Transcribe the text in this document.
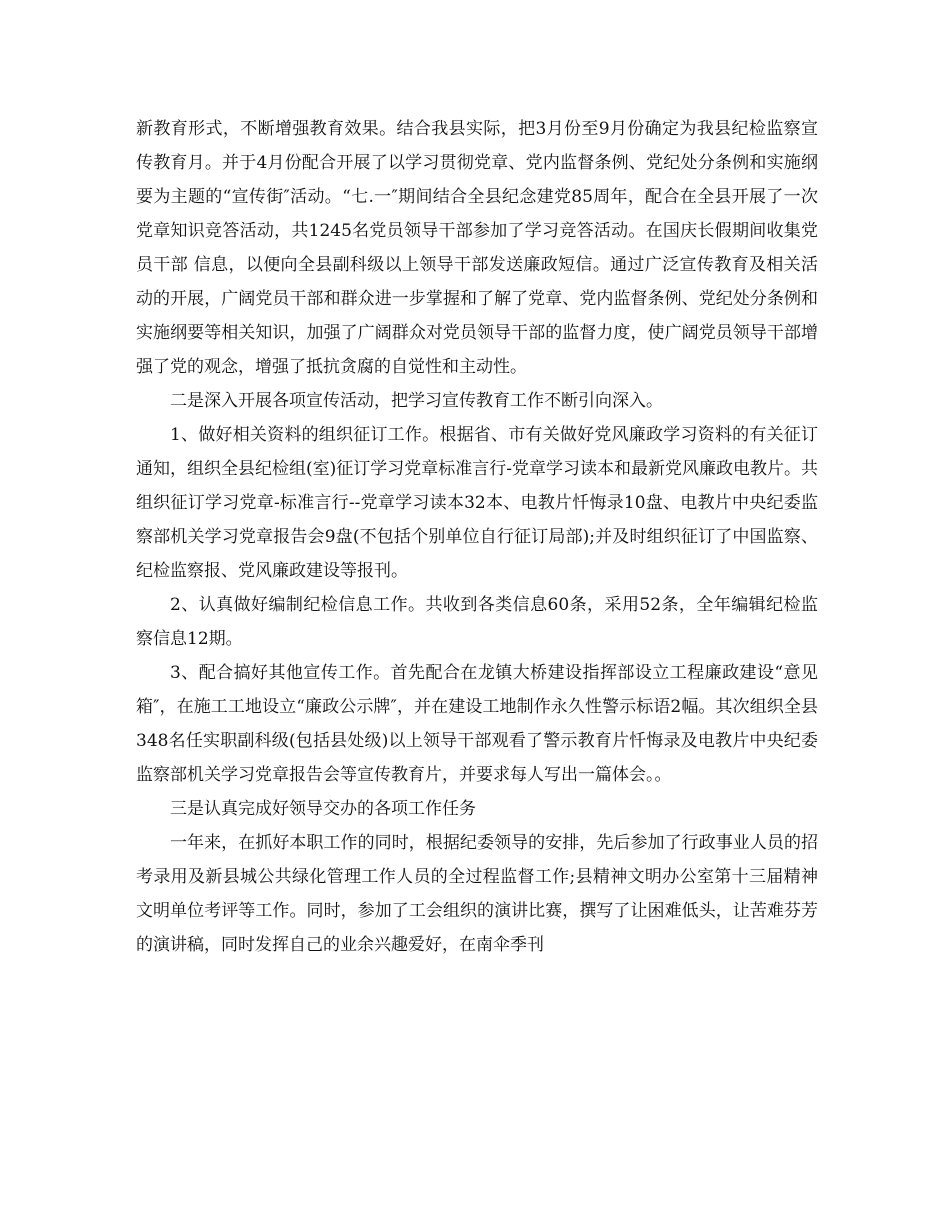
新教育形式，不断增强教育效果。结合我县实际，把3月份至9月份确定为我县纪检监察宣传教育月。并于4月份配合开展了以学习贯彻党章、党内监督条例、党纪处分条例和实施纲要为主题的“宣传街″活动。“七.一″期间结合全县纪念建党85周年，配合在全县开展了一次党章知识竞答活动，共1245名党员领导干部参加了学习竞答活动。在国庆长假期间收集党员干部 信息，以便向全县副科级以上领导干部发送廉政短信。通过广泛宣传教育及相关活动的开展，广阔党员干部和群众进一步掌握和了解了党章、党内监督条例、党纪处分条例和实施纲要等相关知识，加强了广阔群众对党员领导干部的监督力度，使广阔党员领导干部增强了党的观念，增强了抵抗贪腐的自觉性和主动性。

二是深入开展各项宣传活动，把学习宣传教育工作不断引向深入。

1、做好相关资料的组织征订工作。根据省、市有关做好党风廉政学习资料的有关征订通知，组织全县纪检组(室)征订学习党章标准言行-党章学习读本和最新党风廉政电教片。共组织征订学习党章-标准言行--党章学习读本32本、电教片忏悔录10盘、电教片中央纪委监察部机关学习党章报告会9盘(不包括个别单位自行征订局部);并及时组织征订了中国监察、纪检监察报、党风廉政建设等报刊。

2、认真做好编制纪检信息工作。共收到各类信息60条，采用52条，全年编辑纪检监察信息12期。

3、配合搞好其他宣传工作。首先配合在龙镇大桥建设指挥部设立工程廉政建设“意见箱″，在施工工地设立“廉政公示牌″，并在建设工地制作永久性警示标语2幅。其次组织全县348名任实职副科级(包括县处级)以上领导干部观看了警示教育片忏悔录及电教片中央纪委监察部机关学习党章报告会等宣传教育片，并要求每人写出一篇体会。。

三是认真完成好领导交办的各项工作任务

一年来，在抓好本职工作的同时，根据纪委领导的安排，先后参加了行政事业人员的招考录用及新县城公共绿化管理工作人员的全过程监督工作;县精神文明办公室第十三届精神文明单位考评等工作。同时，参加了工会组织的演讲比赛，撰写了让困难低头，让苦难芬芳的演讲稿，同时发挥自己的业余兴趣爱好，在南伞季刊
